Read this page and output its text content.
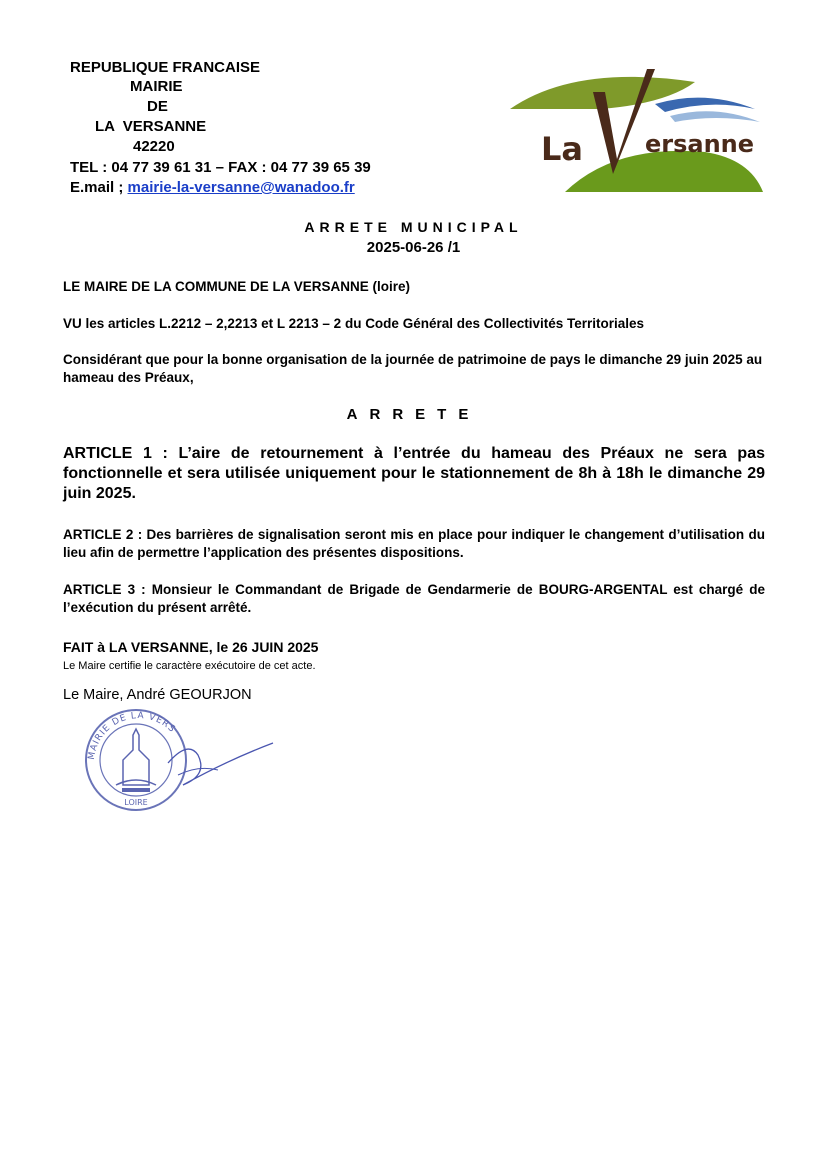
REPUBLIQUE FRANCAISE
MAIRIE
DE
LA  VERSANNE
42220
TEL : 04 77 39 61 31 – FAX : 04 77 39 65 39
E.mail ; mairie-la-versanne@wanadoo.fr
La	ersanne
ARRETE MUNICIPAL
2025-06-26 /1
LE MAIRE DE LA COMMUNE DE LA VERSANNE (loire)
VU les articles L.2212 – 2,2213 et L 2213 – 2 du Code Général des Collectivités Territoriales
Considérant que pour la bonne organisation de la journée de patrimoine de pays le dimanche 29 juin 2025 au hameau des Préaux,
ARRETE
ARTICLE 1 : L’aire de retournement à l’entrée du hameau des Préaux ne sera pas fonctionnelle et sera utilisée uniquement pour le stationnement de 8h à 18h le dimanche 29 juin 2025.
ARTICLE 2 : Des barrières de signalisation seront mis en place pour indiquer le changement d’utilisation du lieu afin de permettre l’application des présentes dispositions.
ARTICLE 3 : Monsieur le Commandant de Brigade de Gendarmerie de BOURG-ARGENTAL est chargé de l’exécution du présent arrêté.
FAIT à LA VERSANNE, le 26 JUIN 2025
Le Maire certifie le caractère exécutoire de cet acte.
Le Maire, André GEOURJON
MAIRIE DE LA VERS
LOIRE
